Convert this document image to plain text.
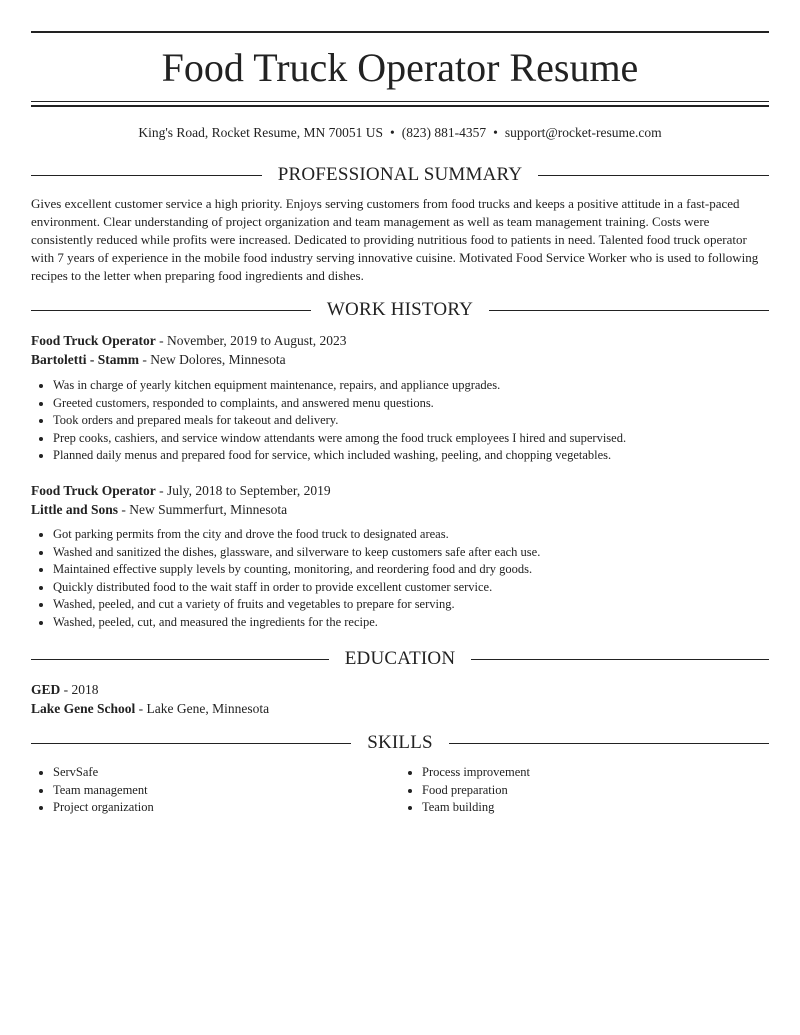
Food Truck Operator Resume
King's Road, Rocket Resume, MN 70051 US • (823) 881-4357 • support@rocket-resume.com
PROFESSIONAL SUMMARY

Gives excellent customer service a high priority. Enjoys serving customers from food trucks and keeps a positive attitude in a fast-paced environment. Clear understanding of project organization and team management as well as team management training. Costs were consistently reduced while profits were increased. Dedicated to providing nutritious food to patients in need. Talented food truck operator with 7 years of experience in the mobile food industry serving innovative cuisine. Motivated Food Service Worker who is used to following recipes to the letter when preparing food ingredients and dishes.

WORK HISTORY
Food Truck Operator - November, 2019 to August, 2023
Bartoletti - Stamm - New Dolores, Minnesota
• Was in charge of yearly kitchen equipment maintenance, repairs, and appliance upgrades.
• Greeted customers, responded to complaints, and answered menu questions.
• Took orders and prepared meals for takeout and delivery.
• Prep cooks, cashiers, and service window attendants were among the food truck employees I hired and supervised.
• Planned daily menus and prepared food for service, which included washing, peeling, and chopping vegetables.
Food Truck Operator - July, 2018 to September, 2019
Little and Sons - New Summerfurt, Minnesota
• Got parking permits from the city and drove the food truck to designated areas.
• Washed and sanitized the dishes, glassware, and silverware to keep customers safe after each use.
• Maintained effective supply levels by counting, monitoring, and reordering food and dry goods.
• Quickly distributed food to the wait staff in order to provide excellent customer service.
• Washed, peeled, and cut a variety of fruits and vegetables to prepare for serving.
• Washed, peeled, cut, and measured the ingredients for the recipe.
EDUCATION
GED - 2018
Lake Gene School - Lake Gene, Minnesota
SKILLS
• ServSafe
• Team management
• Project organization
• Process improvement
• Food preparation
• Team building
